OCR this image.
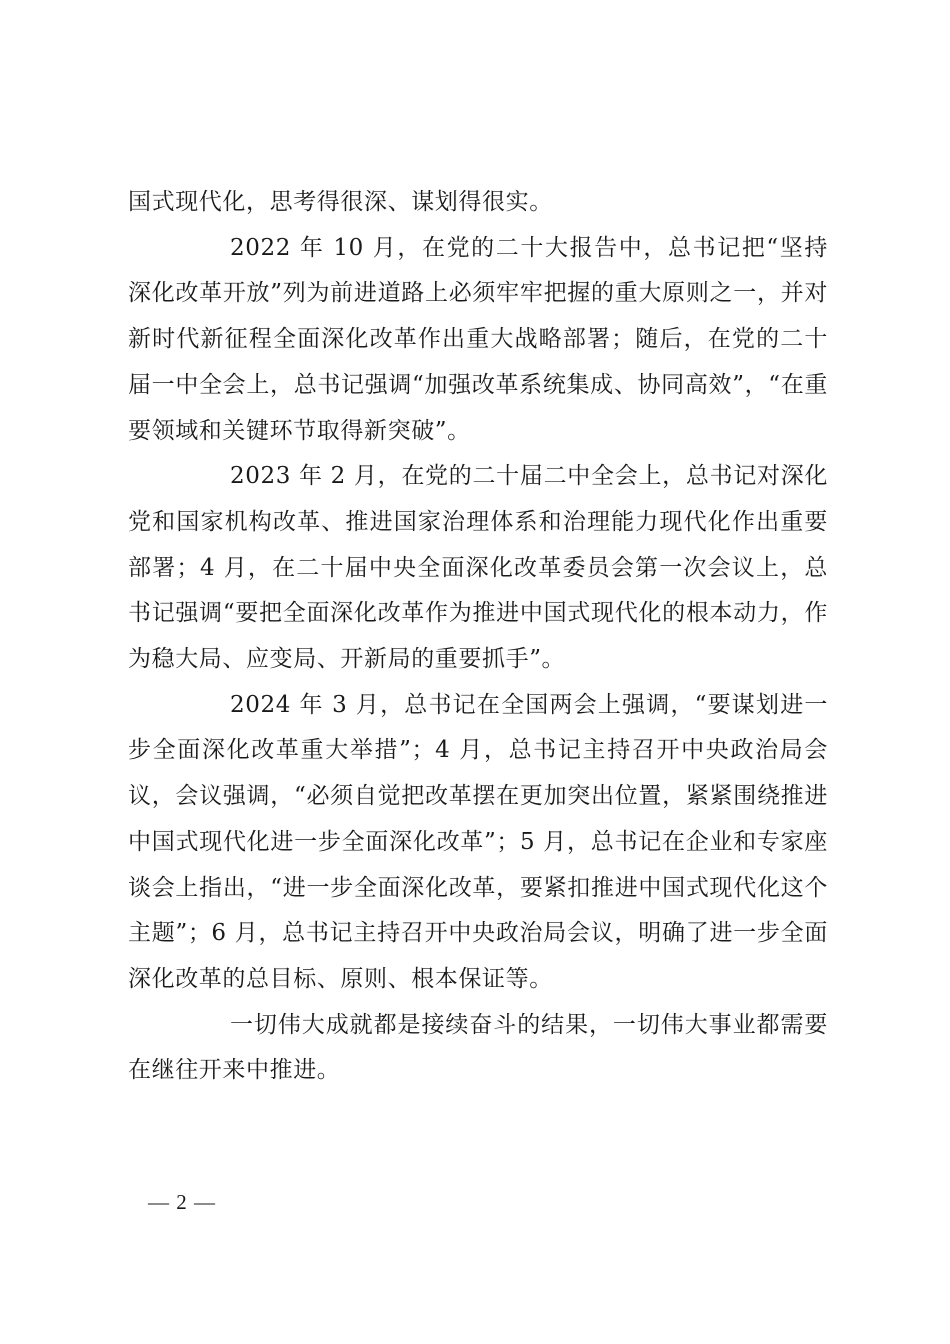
国式现代化，思考得很深、谋划得很实。

2022 年 10 月，在党的二十大报告中，总书记把“坚持深化改革开放”列为前进道路上必须牢牢把握的重大原则之一，并对新时代新征程全面深化改革作出重大战略部署；随后，在党的二十届一中全会上，总书记强调“加强改革系统集成、协同高效”，“在重要领域和关键环节取得新突破”。

2023 年 2 月，在党的二十届二中全会上，总书记对深化党和国家机构改革、推进国家治理体系和治理能力现代化作出重要部署；4 月，在二十届中央全面深化改革委员会第一次会议上，总书记强调“要把全面深化改革作为推进中国式现代化的根本动力，作为稳大局、应变局、开新局的重要抓手”。

2024 年 3 月，总书记在全国两会上强调，“要谋划进一步全面深化改革重大举措”；4 月，总书记主持召开中央政治局会议，会议强调，“必须自觉把改革摆在更加突出位置，紧紧围绕推进中国式现代化进一步全面深化改革”；5 月，总书记在企业和专家座谈会上指出，“进一步全面深化改革，要紧扣推进中国式现代化这个主题”；6 月，总书记主持召开中央政治局会议，明确了进一步全面深化改革的总目标、原则、根本保证等。

一切伟大成就都是接续奋斗的结果，一切伟大事业都需要在继往开来中推进。

— 2 —
